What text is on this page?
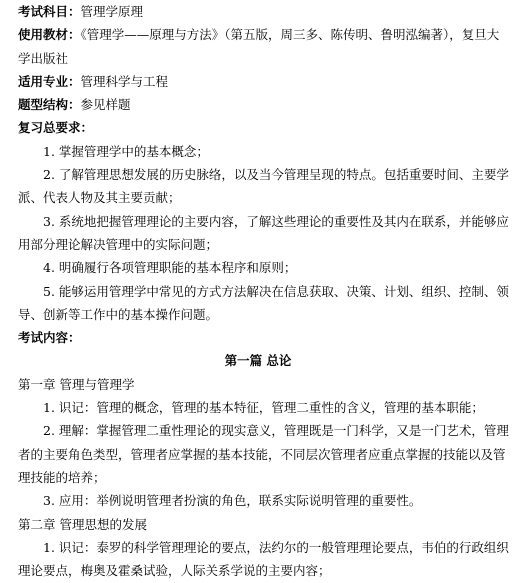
考试科目：管理学原理
使用教材：《管理学——原理与方法》（第五版，周三多、陈传明、鲁明泓编著），复旦大
学出版社
适用专业：管理科学与工程
题型结构：参见样题
复习总要求：
1. 掌握管理学中的基本概念；
2. 了解管理思想发展的历史脉络，以及当今管理呈现的特点。包括重要时间、主要学
派、代表人物及其主要贡献；
3. 系统地把握管理理论的主要内容，了解这些理论的重要性及其内在联系，并能够应
用部分理论解决管理中的实际问题；
4. 明确履行各项管理职能的基本程序和原则；
5. 能够运用管理学中常见的方式方法解决在信息获取、决策、计划、组织、控制、领
导、创新等工作中的基本操作问题。
考试内容：
第一篇 总论
第一章 管理与管理学
1. 识记：管理的概念，管理的基本特征，管理二重性的含义，管理的基本职能；
2. 理解：掌握管理二重性理论的现实意义，管理既是一门科学，又是一门艺术，管理
者的主要角色类型，管理者应掌握的基本技能，不同层次管理者应重点掌握的技能以及管
理技能的培养；
3. 应用：举例说明管理者扮演的角色，联系实际说明管理的重要性。
第二章 管理思想的发展
1. 识记：泰罗的科学管理理论的要点，法约尔的一般管理理论要点，韦伯的行政组织
理论要点，梅奥及霍桑试验，人际关系学说的主要内容；
